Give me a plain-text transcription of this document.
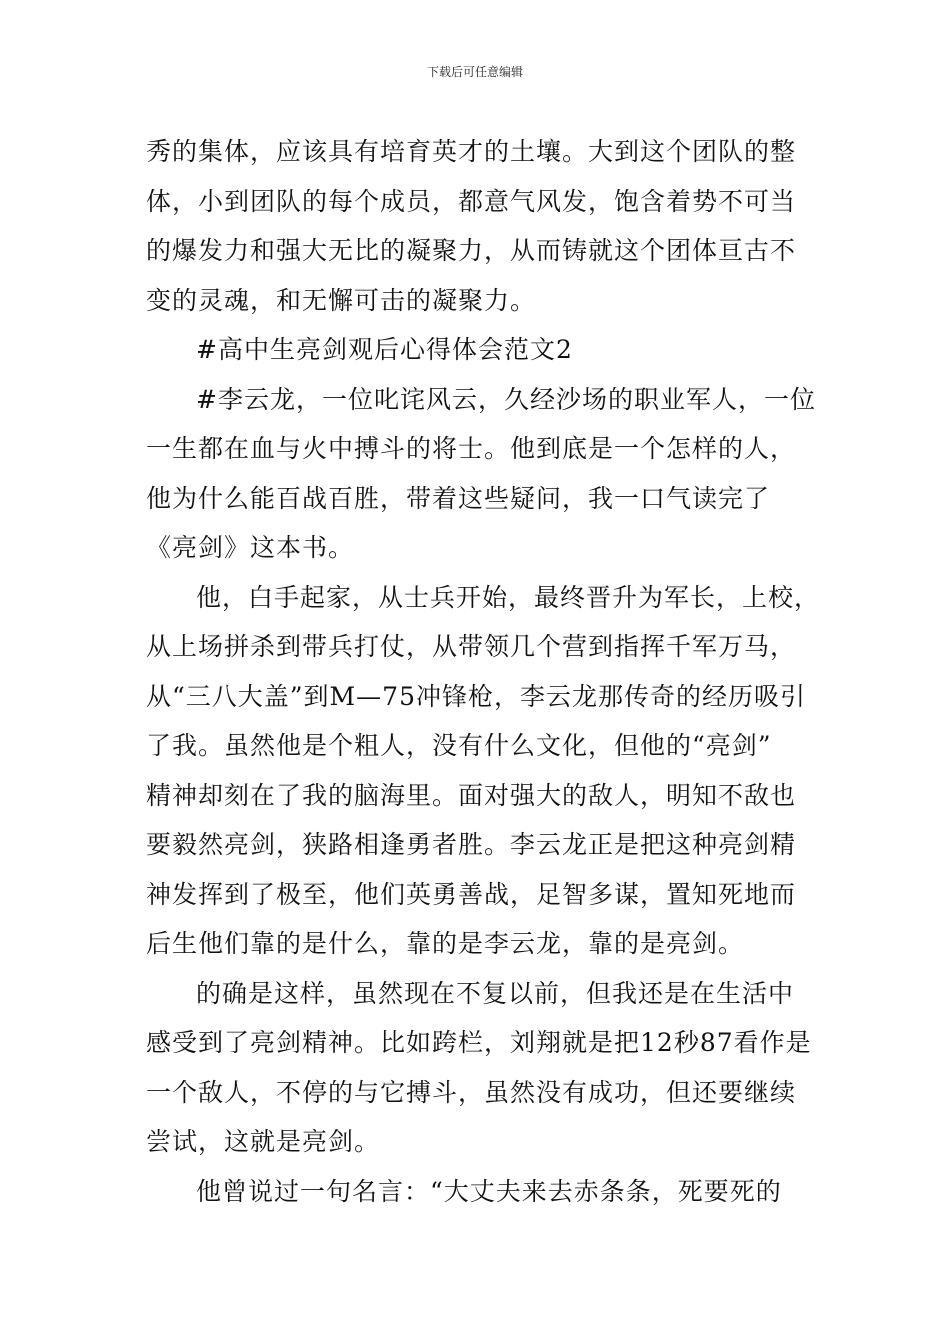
下载后可任意编辑
秀的集体，应该具有培育英才的土壤。大到这个团队的整
体，小到团队的每个成员，都意气风发，饱含着势不可当
的爆发力和强大无比的凝聚力，从而铸就这个团体亘古不
变的灵魂，和无懈可击的凝聚力。
#高中生亮剑观后心得体会范文2
#李云龙，一位叱诧风云，久经沙场的职业军人，一位
一生都在血与火中搏斗的将士。他到底是一个怎样的人，
他为什么能百战百胜，带着这些疑问，我一口气读完了
《亮剑》这本书。
他，白手起家，从士兵开始，最终晋升为军长，上校，
从上场拼杀到带兵打仗，从带领几个营到指挥千军万马，
从“三八大盖”到M—75冲锋枪，李云龙那传奇的经历吸引
了我。虽然他是个粗人，没有什么文化，但他的“亮剑”
精神却刻在了我的脑海里。面对强大的敌人，明知不敌也
要毅然亮剑，狭路相逢勇者胜。李云龙正是把这种亮剑精
神发挥到了极至，他们英勇善战，足智多谋，置知死地而
后生他们靠的是什么，靠的是李云龙，靠的是亮剑。
的确是这样，虽然现在不复以前，但我还是在生活中
感受到了亮剑精神。比如跨栏，刘翔就是把12秒87看作是
一个敌人，不停的与它搏斗，虽然没有成功，但还要继续
尝试，这就是亮剑。
他曾说过一句名言：“大丈夫来去赤条条，死要死的
